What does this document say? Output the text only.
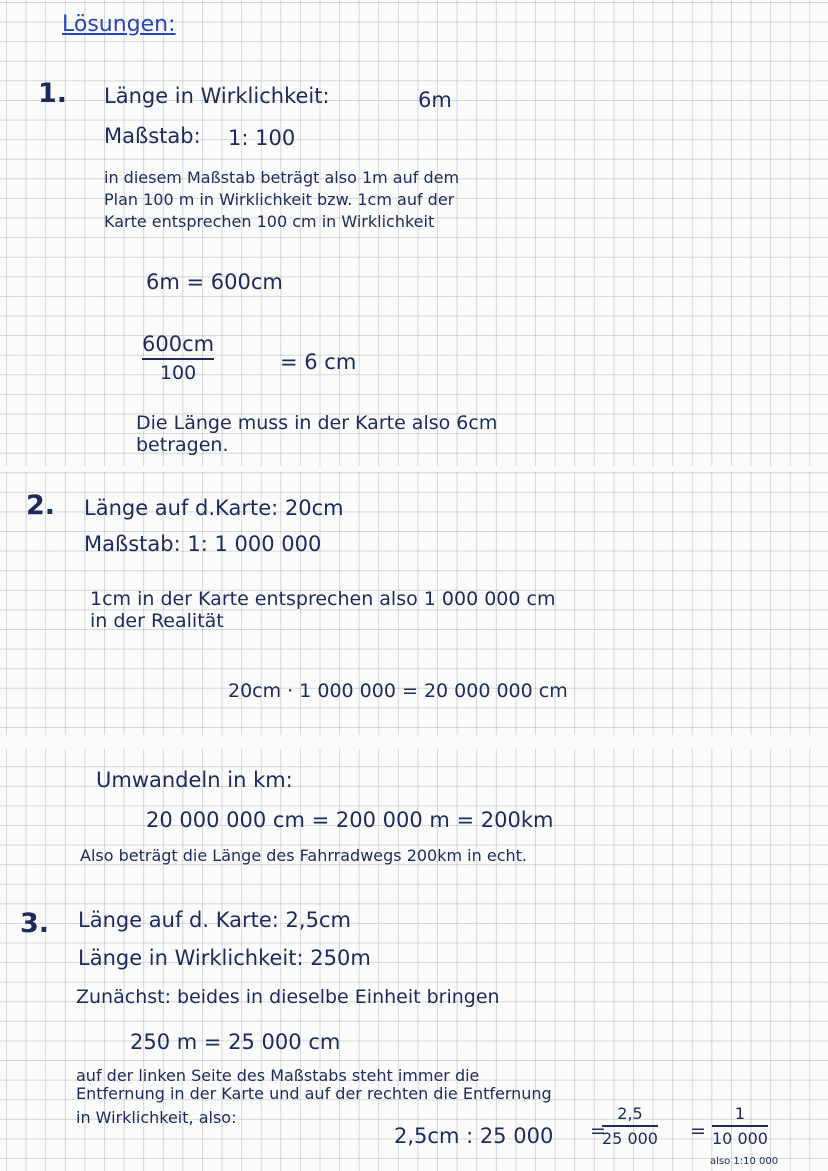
Lösungen:
1. Länge in Wirklichkeit:	6m
Maßstab: 1: 100
in diesem Maßstab beträgt also 1m auf dem
Plan 100 m in Wirklichkeit bzw. 1cm auf der
Karte entsprechen 100 cm in Wirklichkeit
6m = 600cm
600cm
100	= 6 cm
Die Länge muss in der Karte also 6cm
betragen.
2. Länge auf d.Karte: 20cm
Maßstab: 1: 1 000 000
1cm in der Karte entsprechen also 1 000 000 cm
in der Realität
20cm · 1 000 000 = 20 000 000 cm
Umwandeln in km:
20 000 000 cm = 200 000 m = 200km
Also beträgt die Länge des Fahrradwegs 200km in echt.
3. Länge auf d. Karte: 2,5cm
Länge in Wirklichkeit: 250m
Zunächst: beides in dieselbe Einheit bringen
250 m = 25 000 cm
auf der linken Seite des Maßstabs steht immer die
Entfernung in der Karte und auf der rechten die Entfernung
in Wirklichkeit, also:
2,5cm : 25 000 =
2,5
25 000 =
1
10 000
also 1:10 000
